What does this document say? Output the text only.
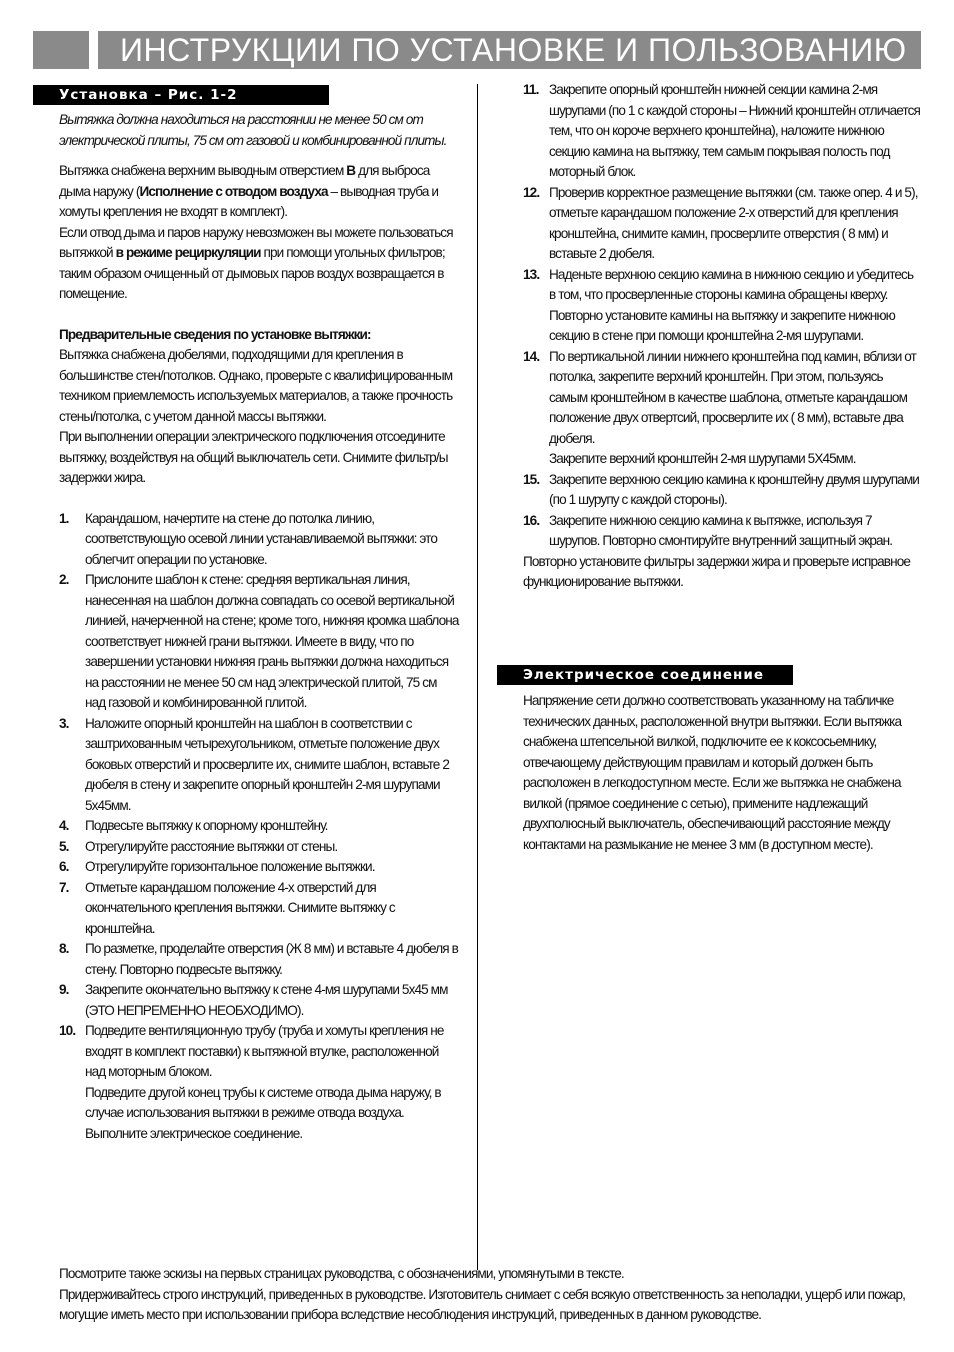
ИНСТРУКЦИИ ПО УСТАНОВКЕ И ПОЛЬЗОВАНИЮ
Установка – Рис. 1-2

Вытяжка должна находиться на расстоянии не менее 50 см от электрической плиты, 75 см от газовой и комбинированной плиты.

Вытяжка снабжена верхним выводным отверстием B для выброса дыма наружу (Исполнение с отводом воздуха – выводная труба и хомуты крепления не входят в комплект).

Если отвод дыма и паров наружу невозможен вы можете пользоваться вытяжкой в режиме рециркуляции при помощи угольных фильтров; таким образом очищенный от дымовых паров воздух возвращается в помещение.

Предварительные сведения по установке вытяжки:

Вытяжка снабжена дюбелями, подходящими для крепления в большинстве стен/потолков. Однако, проверьте с квалифицированным техником приемлемость используемых материалов, а также прочность стены/потолка, с учетом данной массы вытяжки.

При выполнении операции электрического подключения отсоедините вытяжку, воздействуя на общий выключатель сети. Снимите фильтр/ы задержки жира.

1.	Карандашом, начертите на стене до потолка линию, соответствующую осевой линии устанавливаемой вытяжки: это облегчит операции по установке.
2.	Прислоните шаблон к стене: средняя вертикальная линия, нанесенная на шаблон должна совпадать со осевой вертикальной линией, начерченной на стене; кроме того, нижняя кромка шаблона соответствует нижней грани вытяжки. Имеете в виду, что по завершении установки нижняя грань вытяжки должна находиться на расстоянии не менее 50 см над электрической плитой, 75 см над газовой и комбинированной плитой.
3.	Наложите опорный кронштейн на шаблон в соответствии с заштрихованным четырехугольником, отметьте положение двух боковых отверстий и просверлите их, снимите шаблон, вставьте 2 дюбеля в стену и закрепите опорный кронштейн 2-мя шурупами 5х45мм.
4.	Подвесьте вытяжку к опорному кронштейну.
5.	Отрегулируйте расстояние вытяжки от стены.
6.	Отрегулируйте горизонтальное положение вытяжки.
7.	Отметьте карандашом положение 4-х отверстий для окончательного крепления вытяжки. Снимите вытяжку с кронштейна.
8.	По разметке, проделайте отверстия (Ж 8 мм) и вставьте 4 дюбеля в стену. Повторно подвесьте вытяжку.
9.	Закрепите окончательно вытяжку к стене 4-мя шурупами 5х45 мм (ЭТО НЕПРЕМЕННО НЕОБХОДИМО).
10. Подведите вентиляционную трубу (труба и хомуты крепления не входят в комплект поставки) к вытяжной втулке, расположенной над моторным блоком.
Подведите другой конец трубы к системе отвода дыма наружу, в случае использования вытяжки в режиме отвода воздуха.
Выполните электрическое соединение.
11. Закрепите опорный кронштейн нижней секции камина 2-мя шурупами (по 1 с каждой стороны – Нижний кронштейн отличается тем, что он короче верхнего кронштейна), наложите нижнюю секцию камина на вытяжку, тем самым покрывая полость под моторный блок.
12. Проверив корректное размещение вытяжки (см. также опер. 4 и 5), отметьте карандашом положение 2-х отверстий для крепления кронштейна, снимите камин, просверлите отверстия ( 8 мм) и вставьте 2 дюбеля.
13. Наденьте верхнюю секцию камина в нижнюю секцию и убедитесь в том, что просверленные стороны камина обращены кверху.
Повторно установите камины на вытяжку и закрепите нижнюю секцию в стене при помощи кронштейна 2-мя шурупами.
14. По вертикальной линии нижнего кронштейна под камин, вблизи от потолка, закрепите верхний кронштейн. При этом, пользуясь самым кронштейном в качестве шаблона, отметьте карандашом положение двух отвертсий, просверлите их ( 8 мм), вставьте два дюбеля.
Закрепите верхний кронштейн 2-мя шурупами 5Х45мм.
15. Закрепите верхнюю секцию камина к кронштейну двумя шурупами (по 1 шурупу с каждой стороны).
16. Закрепите нижнюю секцию камина к вытяжке, используя 7 шурупов. Повторно смонтируйте внутренний защитный экран.

Повторно установите фильтры задержки жира и проверьте исправное функционирование вытяжки.

Электрическое соединение

Напряжение сети должно соответствовать указанному на табличке технических данных, расположенной внутри вытяжки. Если вытяжка снабжена штепсельной вилкой, подключите ее к коксосьемнику, отвечающему действующим правилам и который должен быть расположен в легкодоступном месте. Если же вытяжка не снабжена вилкой (прямое соединение с сетью), примените надлежащий двухполюсный выключатель, обеспечивающий расстояние между контактами на размыкание не менее 3 мм (в доступном месте).

Посмотрите также эскизы на первых страницах руководства, с обозначениями, упомянутыми в тексте.

Придерживайтесь строго инструкций, приведенных в руководстве. Изготовитель снимает с себя всякую ответственность за неполадки, ущерб или пожар, могущие иметь место при использовании прибора вследствие несоблюдения инструкций, приведенных в данном руководстве.
